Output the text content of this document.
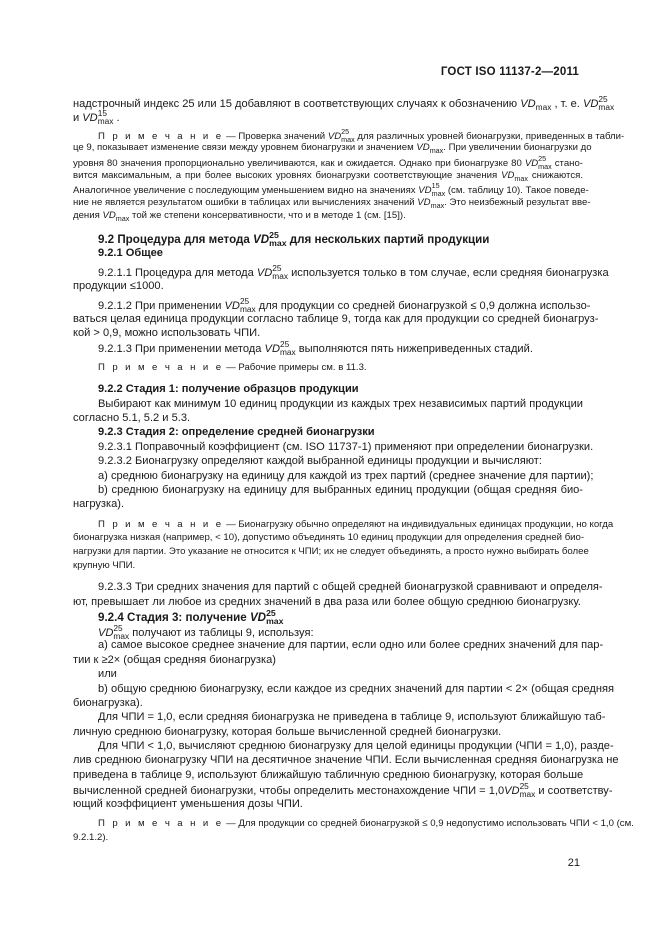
ГОСТ ISO 11137-2—2011
надстрочный индекс 25 или 15 добавляют в соответствующих случаях к обозначению $VD_{max}$ , т. е. VD 25
max
и VD 15
max .
П р и м е ч а н и е — Проверка значений VD 25
max для различных уровней бионагрузки, приведенных в табли-
це 9, показывает изменение связи между уровнем бионагрузки и значением $VD_{max}$. При увеличении бионагрузки до
уровня 80 значения пропорционально увеличиваются, как и ожидается. Однако при бионагрузке 80 VD 25
max стано-
вится максимальным, а при более высоких уровнях бионагрузки соответствующие значения $VD_{max}$ снижаются.
Аналогичное увеличение с последующим уменьшением видно на значениях VD 15
max (см. таблицу 10). Такое поведе-
ние не является результатом ошибки в таблицах или вычислениях значений $VD_{max}$. Это неизбежный результат вве-
дения $VD_{max}$ той же степени консервативности, что и в методе 1 (см. [15]).
9.2 Процедура для метода VD 25
max для нескольких партий продукции
9.2.1 Общее
9.2.1.1 Процедура для метода VD 25
max используется только в том случае, если средняя бионагрузка
продукции ≤1000.
9.2.1.2 При применении VD 25
max для продукции со средней бионагрузкой ≤ 0,9 должна использо-
ваться целая единица продукции согласно таблице 9, тогда как для продукции со средней бионагруз-
кой > 0,9, можно использовать ЧПИ.
9.2.1.3 При применении метода VD 25
max выполняются пять нижеприведенных стадий.
П р и м е ч а н и е — Рабочие примеры см. в 11.3.
9.2.2 Стадия 1: получение образцов продукции
Выбирают как минимум 10 единиц продукции из каждых трех независимых партий продукции
согласно 5.1, 5.2 и 5.3.
9.2.3 Стадия 2: определение средней бионагрузки
9.2.3.1 Поправочный коэффициент (см. ISO 11737-1) применяют при определении бионагрузки.
9.2.3.2 Бионагрузку определяют каждой выбранной единицы продукции и вычисляют:
a) среднюю бионагрузку на единицу для каждой из трех партий (среднее значение для партии);
b) среднюю бионагрузку на единицу для выбранных единиц продукции (общая средняя био-
нагрузка).
П р и м е ч а н и е — Бионагрузку обычно определяют на индивидуальных единицах продукции, но когда
бионагрузка низкая (например, < 10), допустимо объединять 10 единиц продукции для определения средней био-
нагрузки для партии. Это указание не относится к ЧПИ; их не следует объединять, а просто нужно выбирать более
крупную ЧПИ.
9.2.3.3 Три средних значения для партий с общей средней бионагрузкой сравнивают и определя-
ют, превышает ли любое из средних значений в два раза или более общую среднюю бионагрузку.
9.2.4 Стадия 3: получение VD 25
max
VD 25
max получают из таблицы 9, используя:
а) самое высокое среднее значение для партии, если одно или более средних значений для пар-
тии к ≥2× (общая средняя бионагрузка)
или
b) общую среднюю бионагрузку, если каждое из средних значений для партии < 2× (общая средняя
бионагрузка).
Для ЧПИ = 1,0, если средняя бионагрузка не приведена в таблице 9, используют ближайшую таб-
личную среднюю бионагрузку, которая больше вычисленной средней бионагрузки.
Для ЧПИ < 1,0, вычисляют среднюю бионагрузку для целой единицы продукции (ЧПИ = 1,0), разде-
лив среднюю бионагрузку ЧПИ на десятичное значение ЧПИ. Если вычисленная средняя бионагрузка не
приведена в таблице 9, используют ближайшую табличную среднюю бионагрузку, которая больше
вычисленной средней бионагрузки, чтобы определить местонахождение ЧПИ = 1,0VD 25
max и соответству-
ющий коэффициент уменьшения дозы ЧПИ.
П р и м е ч а н и е — Для продукции со средней бионагрузкой ≤ 0,9 недопустимо использовать ЧПИ < 1,0 (см.
9.2.1.2).
21
